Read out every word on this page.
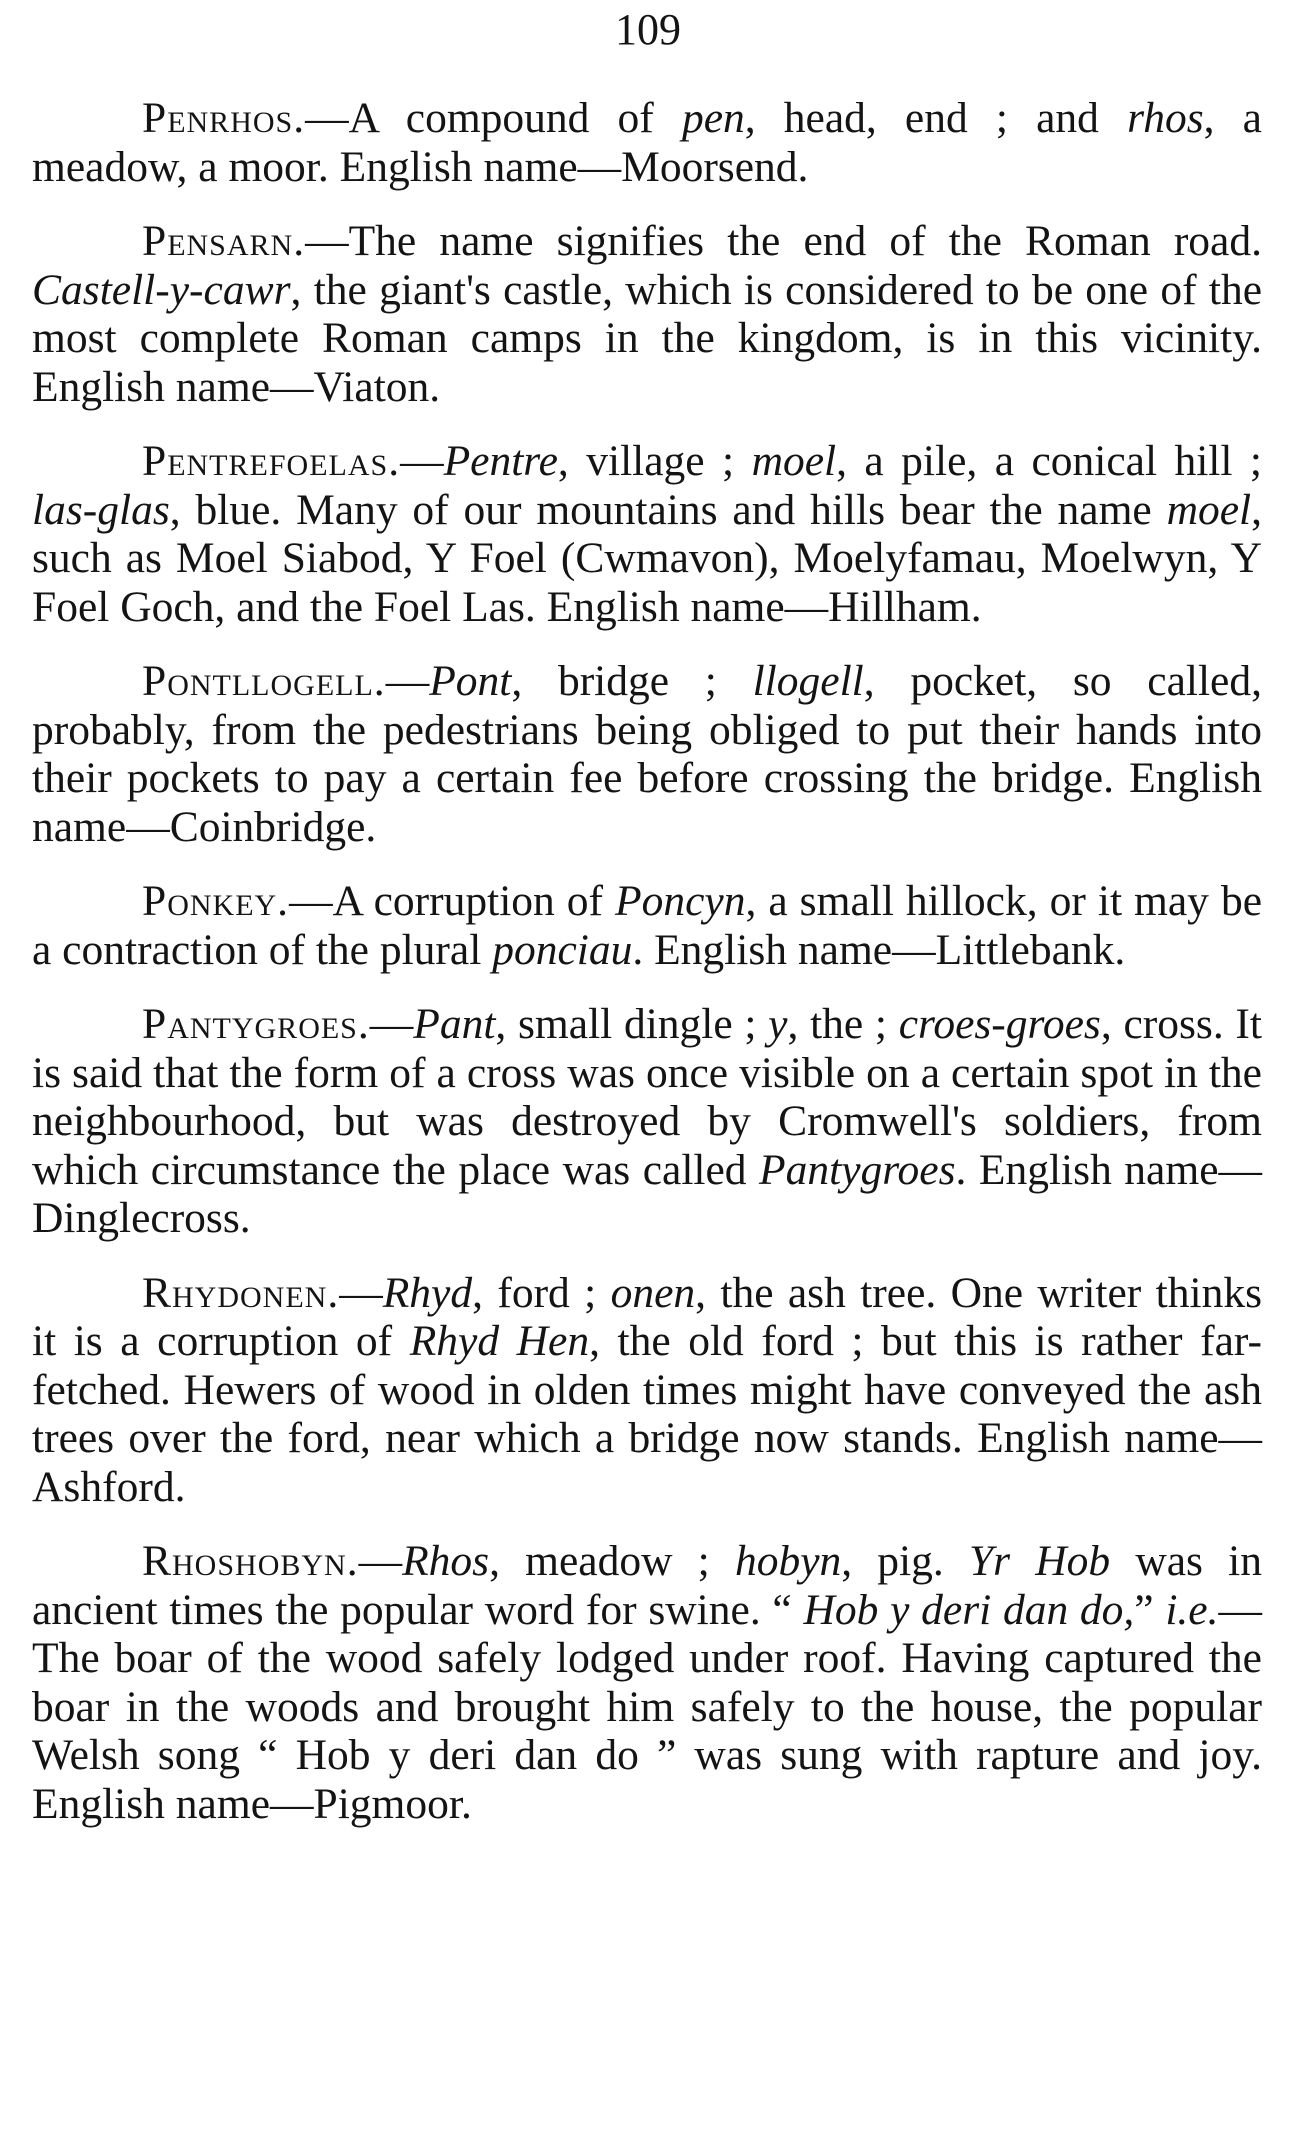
109

Penrhos.—A compound of pen, head, end ; and rhos, a meadow, a moor. English name—Moorsend.

Pensarn.—The name signifies the end of the Roman road. Castell-y-cawr, the giant's castle, which is considered to be one of the most complete Roman camps in the kingdom, is in this vicinity. English name—Viaton.

Pentrefoelas.—Pentre, village ; moel, a pile, a conical hill ; las-glas, blue. Many of our mountains and hills bear the name moel, such as Moel Siabod, Y Foel (Cwmavon), Moelyfamau, Moelwyn, Y Foel Goch, and the Foel Las. English name—Hillham.

Pontllogell.—Pont, bridge ; llogell, pocket, so called, probably, from the pedestrians being obliged to put their hands into their pockets to pay a certain fee before crossing the bridge. English name—Coinbridge.

Ponkey.—A corruption of Poncyn, a small hillock, or it may be a contraction of the plural ponciau. English name—Littlebank.

Pantygroes.—Pant, small dingle ; y, the ; croes-groes, cross. It is said that the form of a cross was once visible on a certain spot in the neighbourhood, but was destroyed by Cromwell's soldiers, from which circumstance the place was called Pantygroes. English name—Dinglecross.

Rhydonen.—Rhyd, ford ; onen, the ash tree. One writer thinks it is a corruption of Rhyd Hen, the old ford ; but this is rather far-fetched. Hewers of wood in olden times might have conveyed the ash trees over the ford, near which a bridge now stands. English name—Ashford.

Rhoshobyn.—Rhos, meadow ; hobyn, pig. Yr Hob was in ancient times the popular word for swine. “ Hob y deri dan do,” i.e.—The boar of the wood safely lodged under roof. Having captured the boar in the woods and brought him safely to the house, the popular Welsh song “ Hob y deri dan do ” was sung with rapture and joy. English name—Pigmoor.
